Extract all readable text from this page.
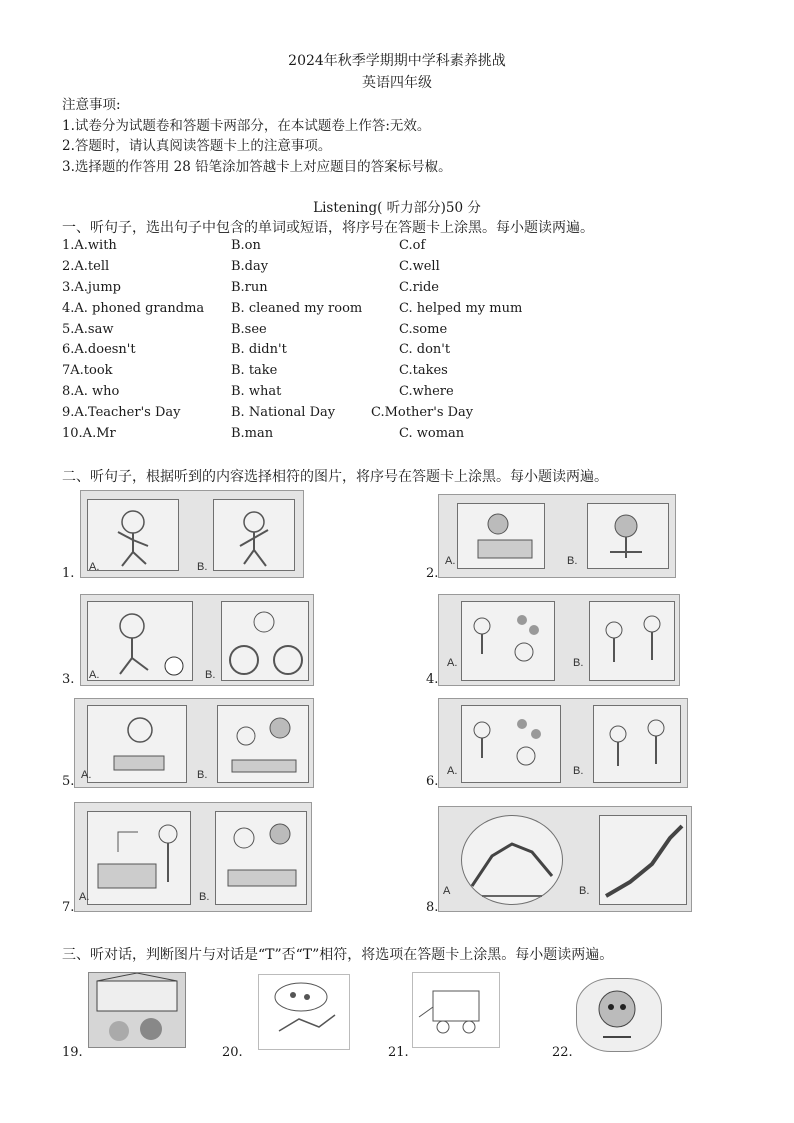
2024年秋季学期期中学科素养挑战
英语四年级
注意事项:
1.试卷分为试题卷和答题卡两部分，在本试题卷上作答:无效。
2.答题时，请认真阅读答题卡上的注意事项。
3.选择题的作答用 28 铅笔涂加答越卡上对应题目的答案标号椒。
Listening( 听力部分)50 分
一、听句子，选出句子中包含的单词或短语，将序号在答题卡上涂黑。每小题读两遍。
1.A.with	B.on	C.of
2.A.tell	B.day	C.well
3.A.jump	B.run	C.ride
4.A. phoned grandma B. cleaned my room	C. helped my mum
5.A.saw	B.see	C.some
6.A.doesn't	B. didn't	C. don't
7A.took	B. take	C.takes
8.A. who	B. what	C.where
9.A.Teacher's Day	B. National Day	C.Mother's Day
10.A.Mr	B.man	C. woman
二、听句子，根据听到的内容选择相符的图片，将序号在答题卡上涂黑。每小题读两遍。
1. A.	B.	2.
A.	B.
3. A.	B.	4.
A.	B.
5. A.	B.	6.
A.	B.
7.
A.	B.
8.
A	B.
三、听对话，判断图片与对话是“T”否“T”相符，将选项在答题卡上涂黑。每小题读两遍。
19.	20.	21.	22.
